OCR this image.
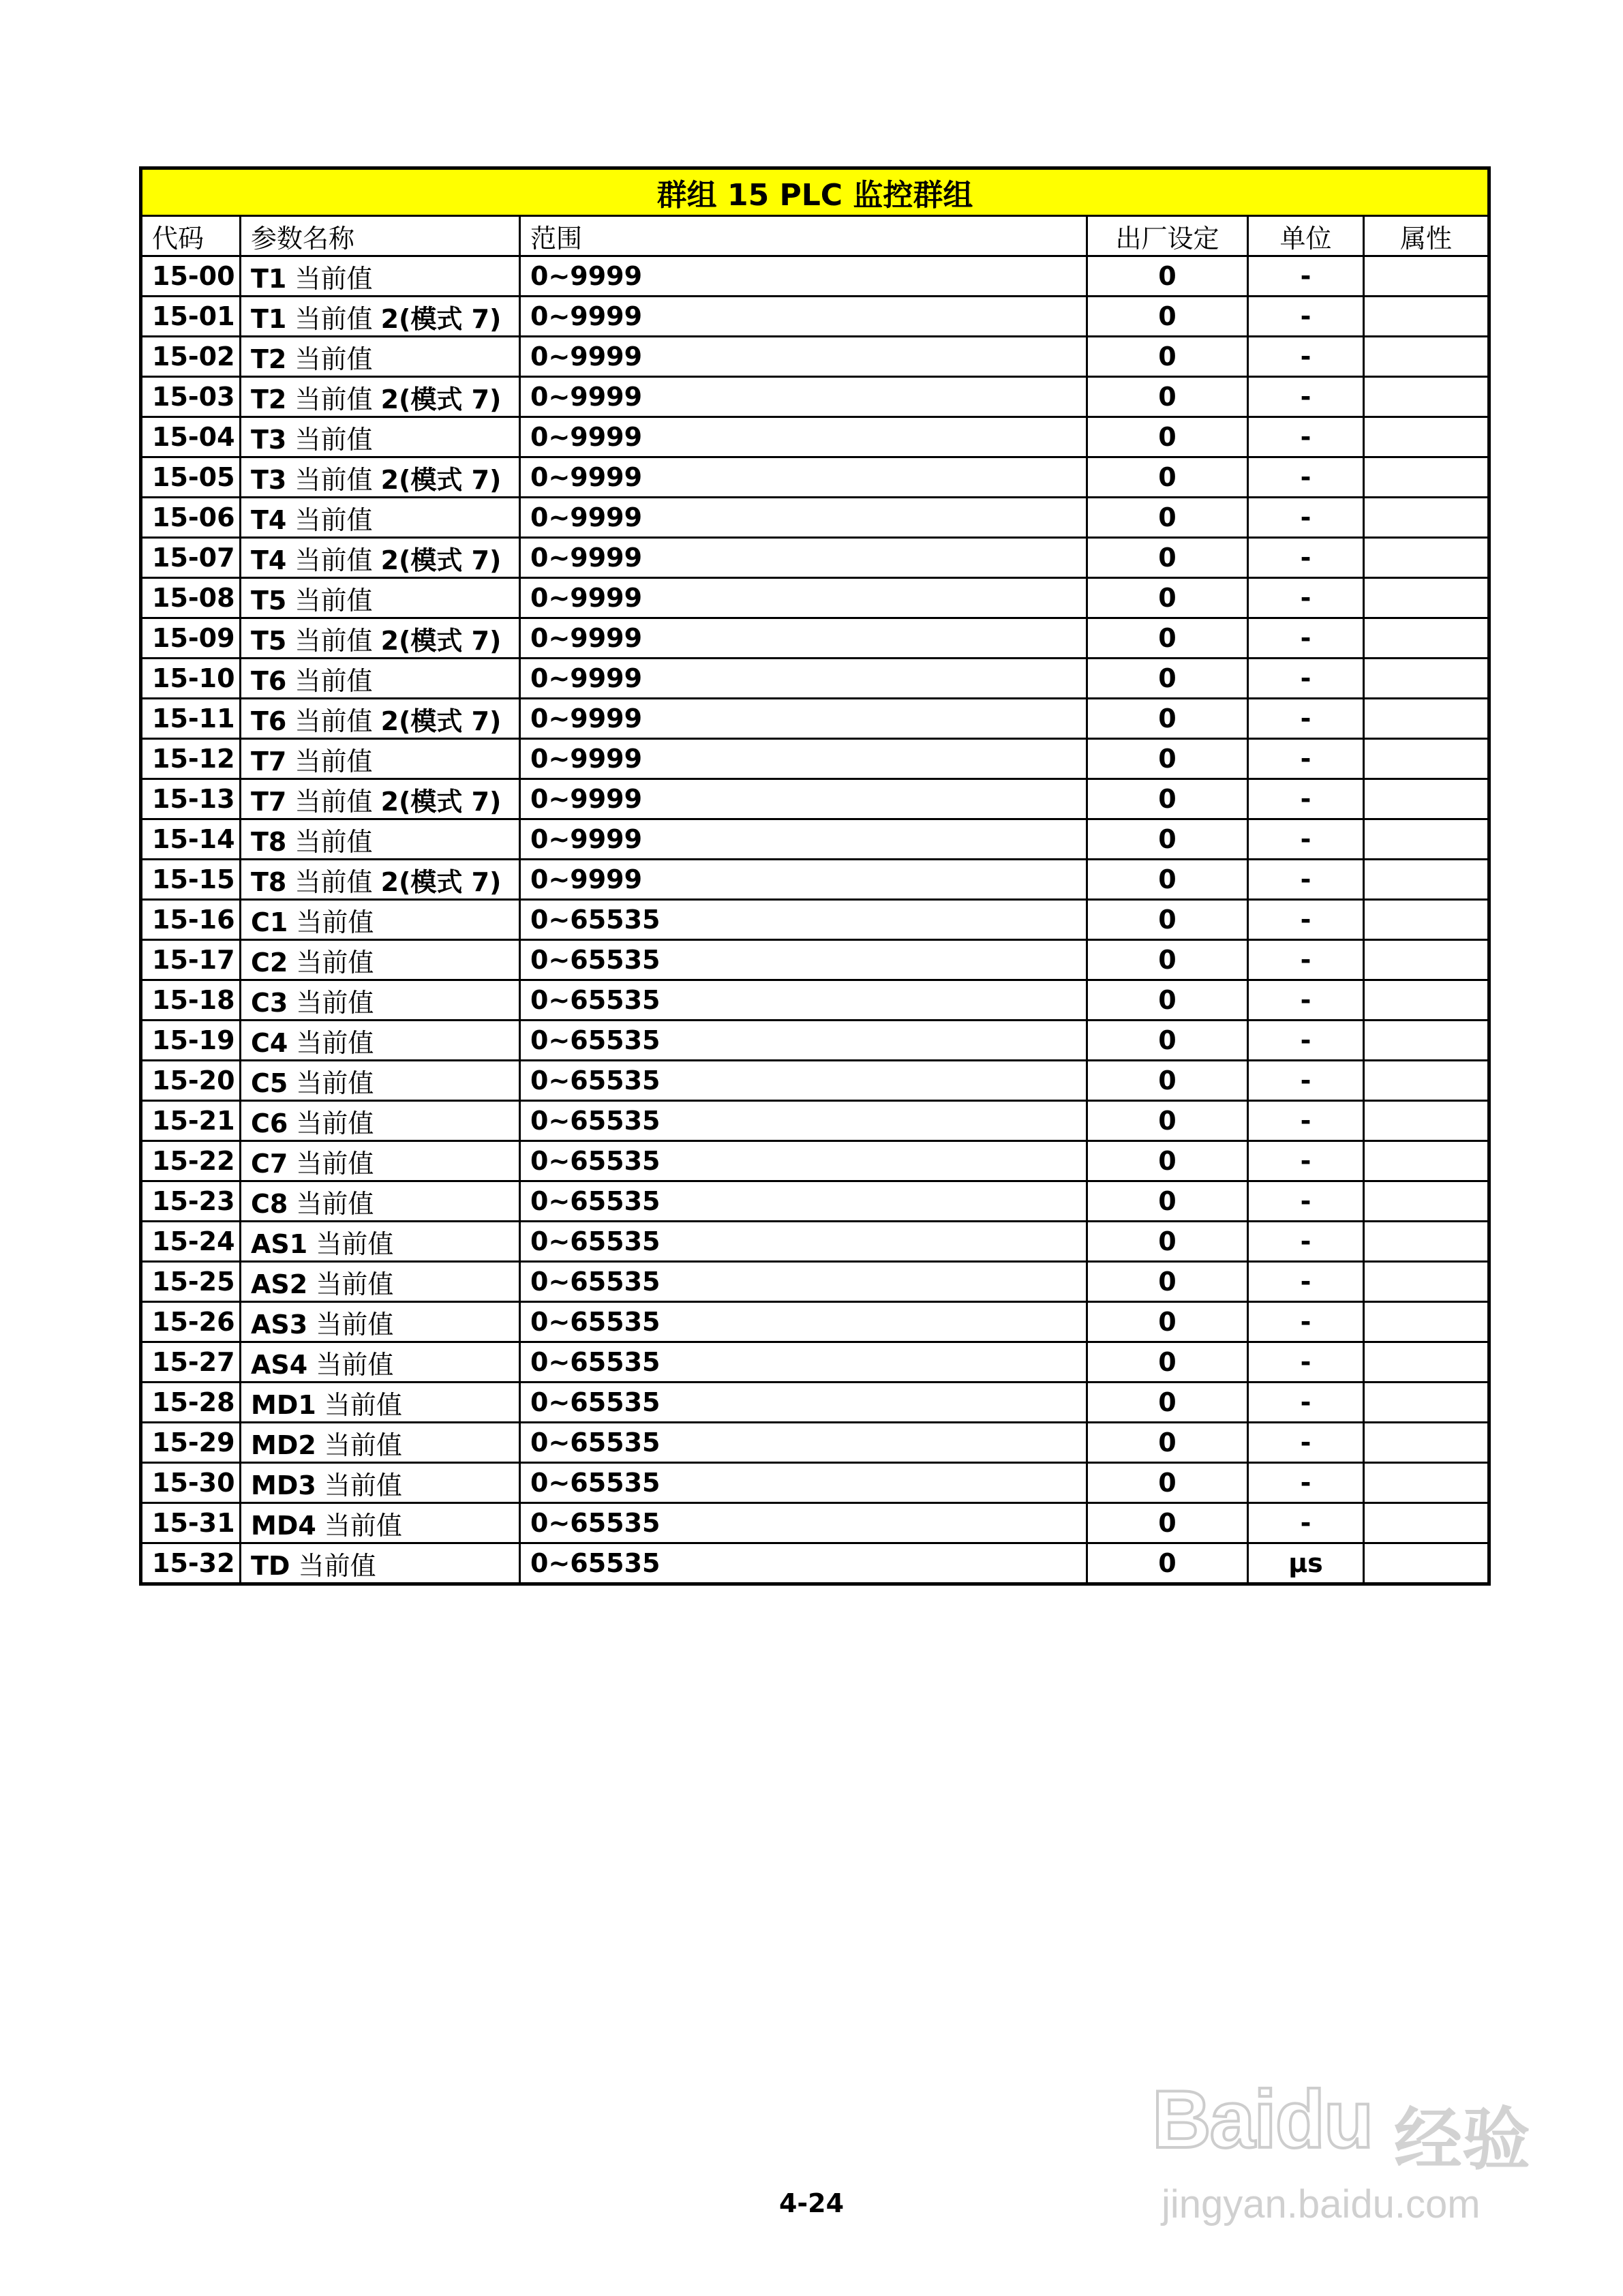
群组 15 PLC 监控群组					
代码	参数名称	范围	出厂设定	单位	属性
15-00	T1 当前值	0~9999	0	-	
15-01	T1 当前值 2(模式 7)	0~9999	0	-	
15-02	T2 当前值	0~9999	0	-	
15-03	T2 当前值 2(模式 7)	0~9999	0	-	
15-04	T3 当前值	0~9999	0	-	
15-05	T3 当前值 2(模式 7)	0~9999	0	-	
15-06	T4 当前值	0~9999	0	-	
15-07	T4 当前值 2(模式 7)	0~9999	0	-	
15-08	T5 当前值	0~9999	0	-	
15-09	T5 当前值 2(模式 7)	0~9999	0	-	
15-10	T6 当前值	0~9999	0	-	
15-11	T6 当前值 2(模式 7)	0~9999	0	-	
15-12	T7 当前值	0~9999	0	-	
15-13	T7 当前值 2(模式 7)	0~9999	0	-	
15-14	T8 当前值	0~9999	0	-	
15-15	T8 当前值 2(模式 7)	0~9999	0	-	
15-16	C1 当前值	0~65535	0	-	
15-17	C2 当前值	0~65535	0	-	
15-18	C3 当前值	0~65535	0	-	
15-19	C4 当前值	0~65535	0	-	
15-20	C5 当前值	0~65535	0	-	
15-21	C6 当前值	0~65535	0	-	
15-22	C7 当前值	0~65535	0	-	
15-23	C8 当前值	0~65535	0	-	
15-24	AS1 当前值	0~65535	0	-	
15-25	AS2 当前值	0~65535	0	-	
15-26	AS3 当前值	0~65535	0	-	
15-27	AS4 当前值	0~65535	0	-	
15-28	MD1 当前值	0~65535	0	-	
15-29	MD2 当前值	0~65535	0	-	
15-30	MD3 当前值	0~65535	0	-	
15-31	MD4 当前值	0~65535	0	-	
15-32	TD 当前值	0~65535	0	µs	
4-24
Baidu 经验
jingyan.baidu.com
